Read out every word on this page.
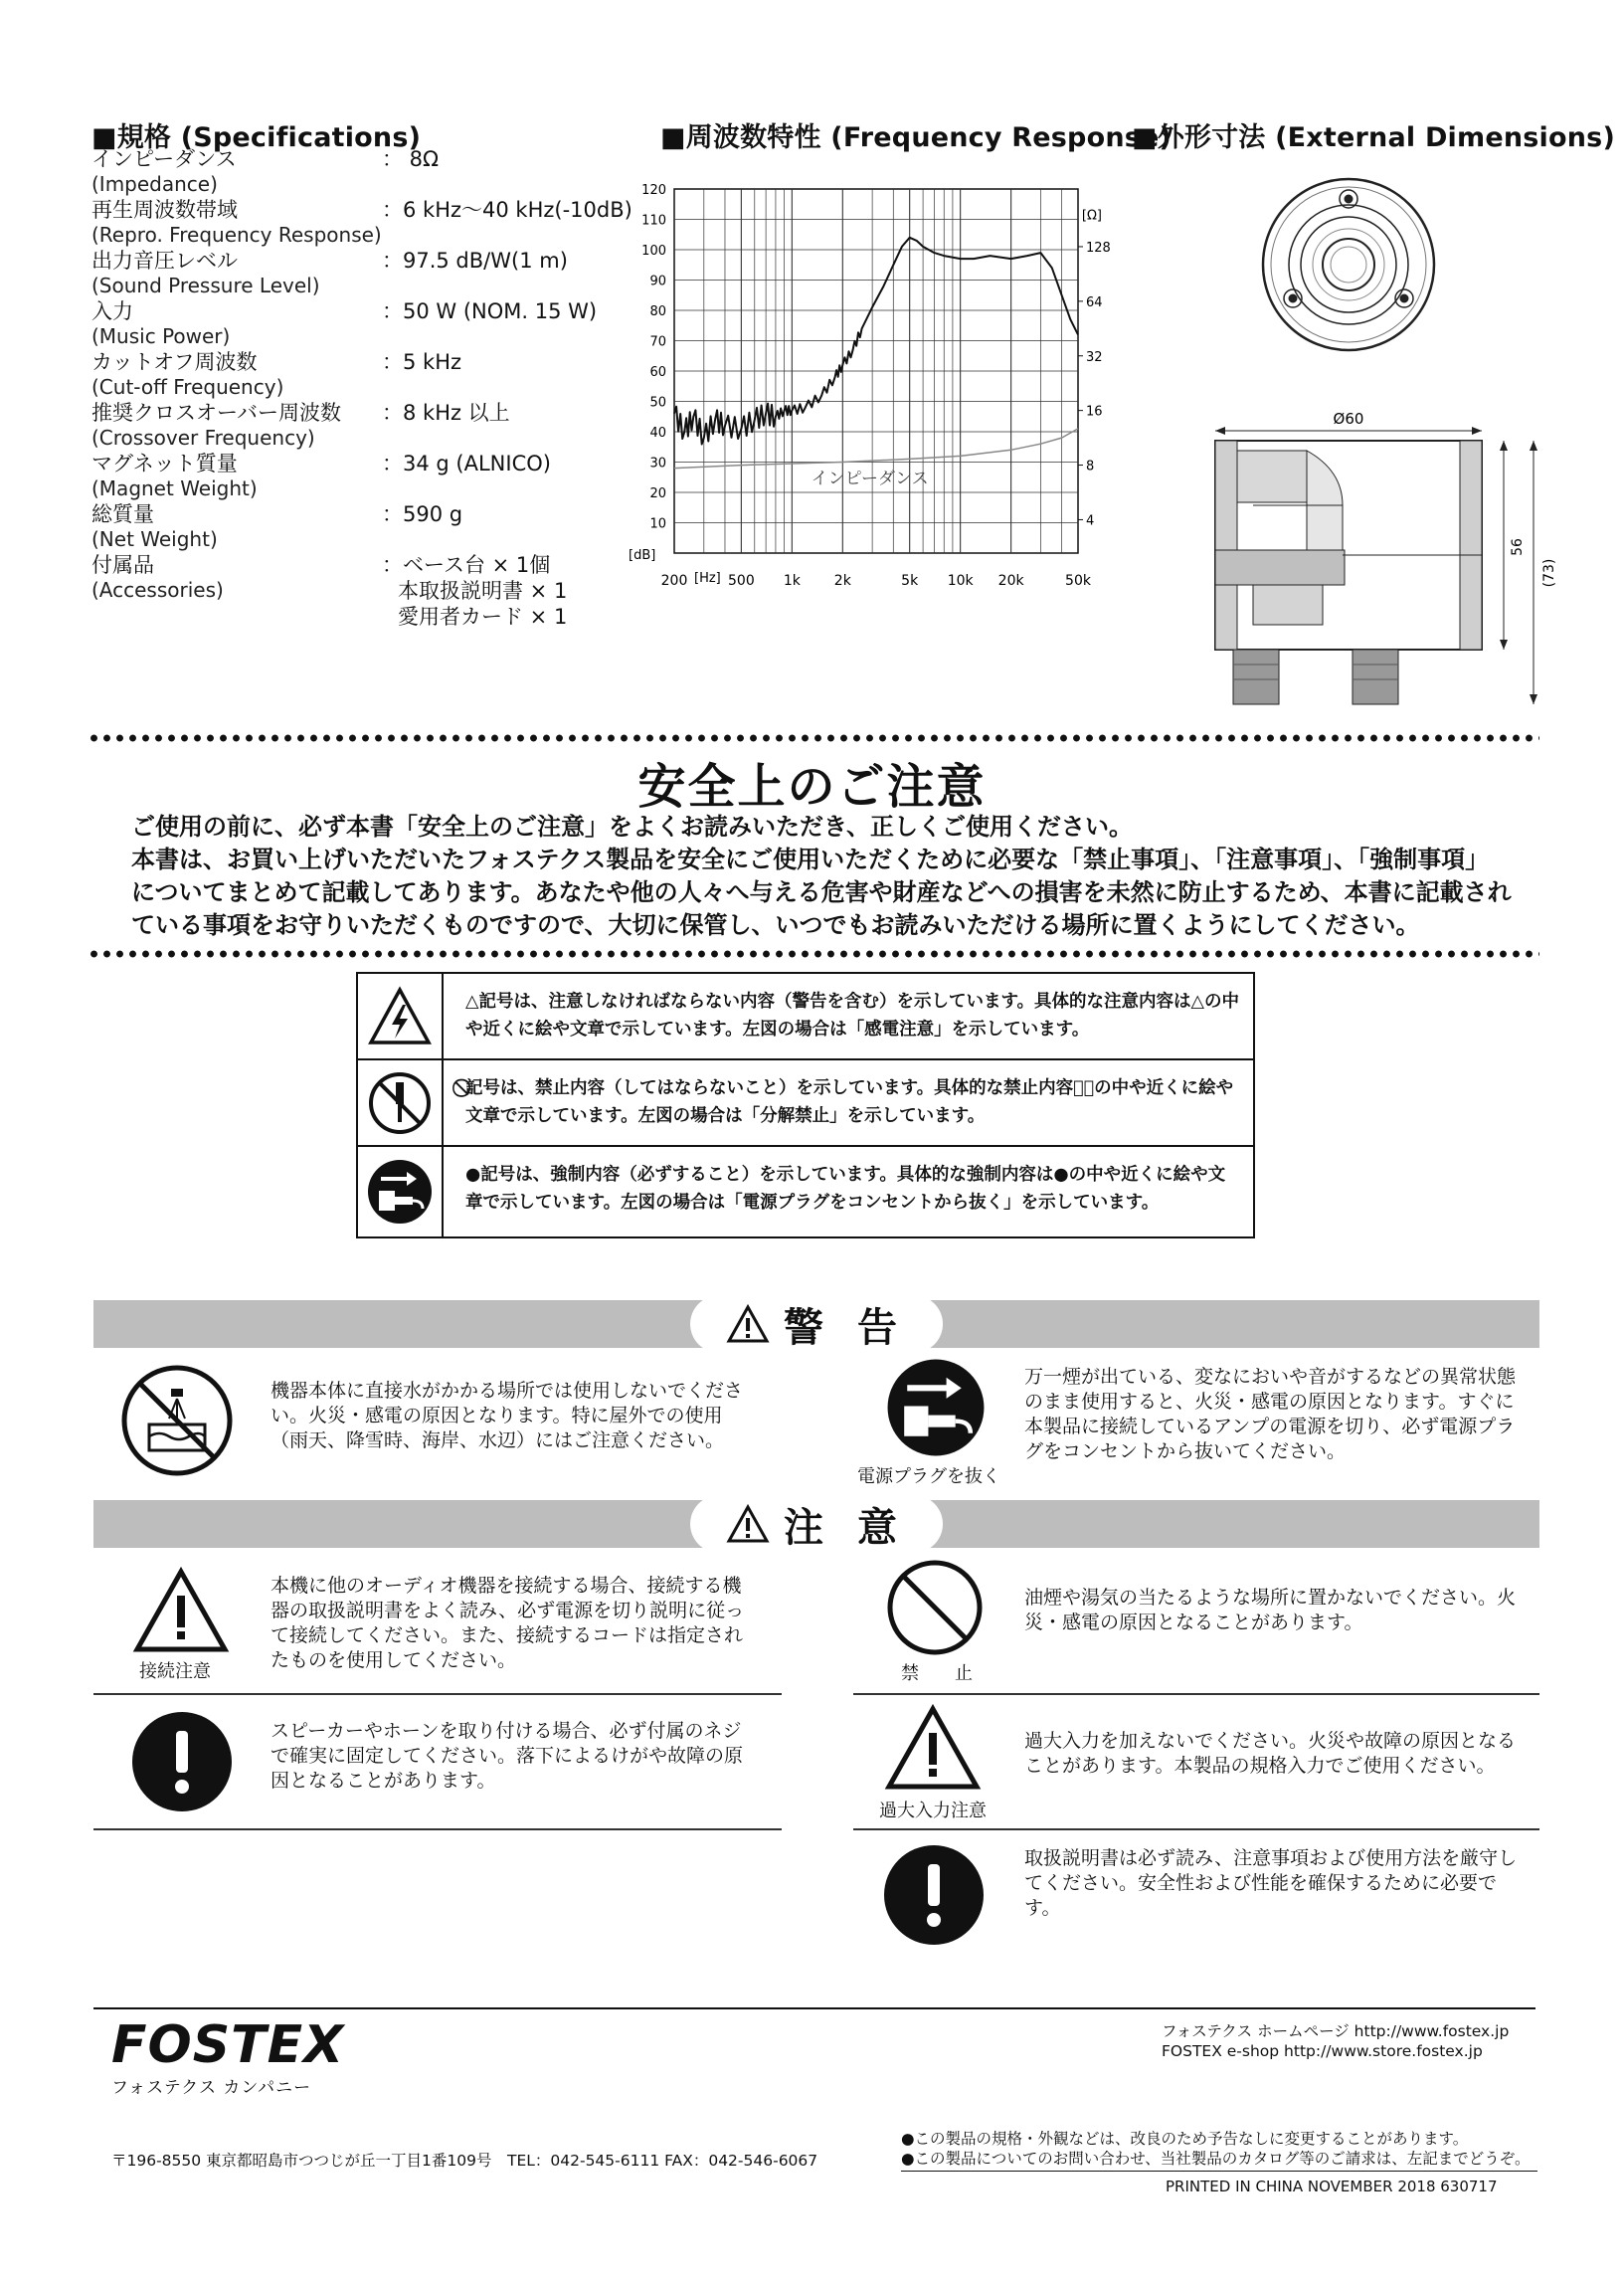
■規格 (Specifications)
インピーダンス
(Impedance)
： 8Ω
再生周波数帯域
(Repro. Frequency Response)
：6 kHz～40 kHz(-10dB)
出力音圧レベル
(Sound Pressure Level)
：97.5 dB/W(1 m)
入力
(Music Power)
：50 W (NOM. 15 W)
カットオフ周波数
(Cut-off Frequency)
：5 kHz
推奨クロスオーバー周波数
(Crossover Frequency)
：8 kHz 以上
マグネット質量
(Magnet Weight)
：34 g (ALNICO)
総質量
(Net Weight)
：590 g
付属品
(Accessories)
：ベース台 × 1個
本取扱説明書 × 1
愛用者カード × 1
■周波数特性 (Frequency Response)
10
20
30
40
50
60
70
80
90
100
110
120
128
64
32
16
8
4
200	500 1k 2k	5k 10k 20k	50k
[dB]
[Ω]
[Hz]
インピーダンス
■外形寸法 (External Dimensions)
Ø60
56
(73)
安全上のご注意

ご使用の前に、必ず本書「安全上のご注意」をよくお読みいただき、正しくご使用ください。

本書は、お買い上げいただいたフォステクス製品を安全にご使用いただくために必要な「禁止事項」、「注意事項」、「強制事項」

についてまとめて記載してあります。あなたや他の人々へ与える危害や財産などへの損害を未然に防止するため、本書に記載され

ている事項をお守りいただくものですので、大切に保管し、いつでもお読みいただける場所に置くようにしてください。

△記号は、注意しなければならない内容（警告を含む）を示しています。具体的な注意内容は△の中や近くに絵や文章で示しています。左図の場合は「感電注意」を示しています。
⃠記号は、禁止内容（してはならないこと）を示しています。具体的な禁止内容は⃠の中や近くに絵や文章で示しています。左図の場合は「分解禁止」を示しています。
●記号は、強制内容（必ずすること）を示しています。具体的な強制内容は●の中や近くに絵や文章で示しています。左図の場合は「電源プラグをコンセントから抜く」を示しています。
警 告
機器本体に直接水がかかる場所では使用しないでください。火災・感電の原因となります。特に屋外での使用（雨天、降雪時、海岸、水辺）にはご注意ください。
電源プラグを抜く
万一煙が出ている、変なにおいや音がするなどの異常状態のまま使用すると、火災・感電の原因となります。すぐに本製品に接続しているアンプの電源を切り、必ず電源プラグをコンセントから抜いてください。
注 意
接続注意
本機に他のオーディオ機器を接続する場合、接続する機器の取扱説明書をよく読み、必ず電源を切り説明に従って接続してください。また、接続するコードは指定されたものを使用してください。
スピーカーやホーンを取り付ける場合、必ず付属のネジで確実に固定してください。落下によるけがや故障の原因となることがあります。
禁　　止
油煙や湯気の当たるような場所に置かないでください。火災・感電の原因となることがあります。
過大入力注意
過大入力を加えないでください。火災や故障の原因となることがあります。本製品の規格入力でご使用ください。
取扱説明書は必ず読み、注意事項および使用方法を厳守してください。安全性および性能を確保するために必要です。
FOSTEX
フォステクス カンパニー
フォステクス ホームページ http://www.fostex.jp
FOSTEX e-shop http://www.store.fostex.jp
〒196-8550 東京都昭島市つつじが丘一丁目1番109号　TEL：042-545-6111 FAX：042-546-6067
●この製品の規格・外観などは、改良のため予告なしに変更することがあります。
●この製品についてのお問い合わせ、当社製品のカタログ等のご請求は、左記までどうぞ。
PRINTED IN CHINA NOVEMBER 2018 630717
